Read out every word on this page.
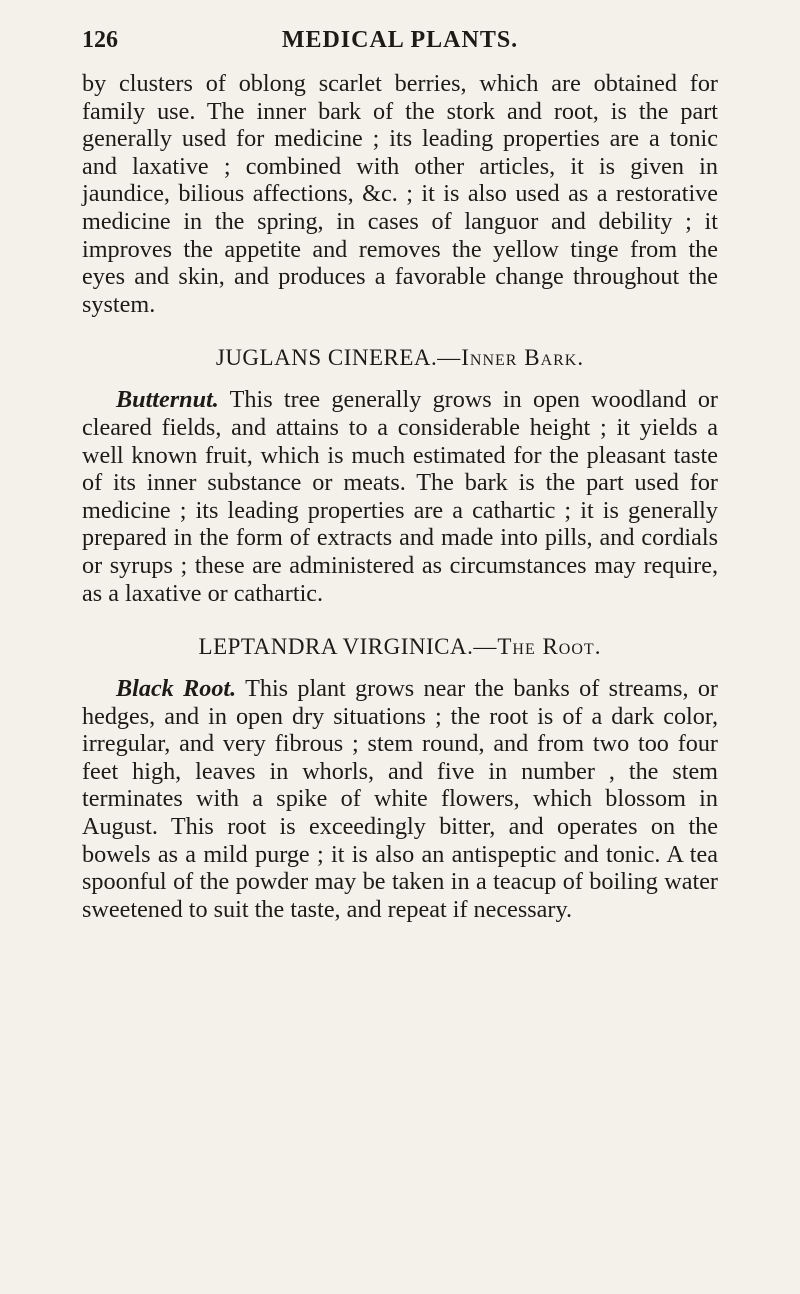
126	MEDICAL PLANTS.

by clusters of oblong scarlet berries, which are obtained for family use. The inner bark of the stork and root, is the part generally used for medicine ; its leading properties are a tonic and laxative ; combined with other articles, it is given in jaundice, bilious affections, &c. ; it is also used as a restorative medicine in the spring, in cases of languor and debility ; it improves the appetite and removes the yellow tinge from the eyes and skin, and produces a favorable change throughout the system.

JUGLANS CINEREA.—Inner Bark.

Butternut. This tree generally grows in open woodland or cleared fields, and attains to a considerable height ; it yields a well known fruit, which is much estimated for the pleasant taste of its inner substance or meats. The bark is the part used for medicine ; its leading properties are a cathartic ; it is generally prepared in the form of extracts and made into pills, and cordials or syrups ; these are administered as circumstances may require, as a laxative or cathartic.

LEPTANDRA VIRGINICA.—The Root.

Black Root. This plant grows near the banks of streams, or hedges, and in open dry situations ; the root is of a dark color, irregular, and very fibrous ; stem round, and from two too four feet high, leaves in whorls, and five in number , the stem terminates with a spike of white flowers, which blossom in August. This root is exceedingly bitter, and operates on the bowels as a mild purge ; it is also an antispeptic and tonic. A tea spoonful of the powder may be taken in a teacup of boiling water sweetened to suit the taste, and repeat if necessary.
